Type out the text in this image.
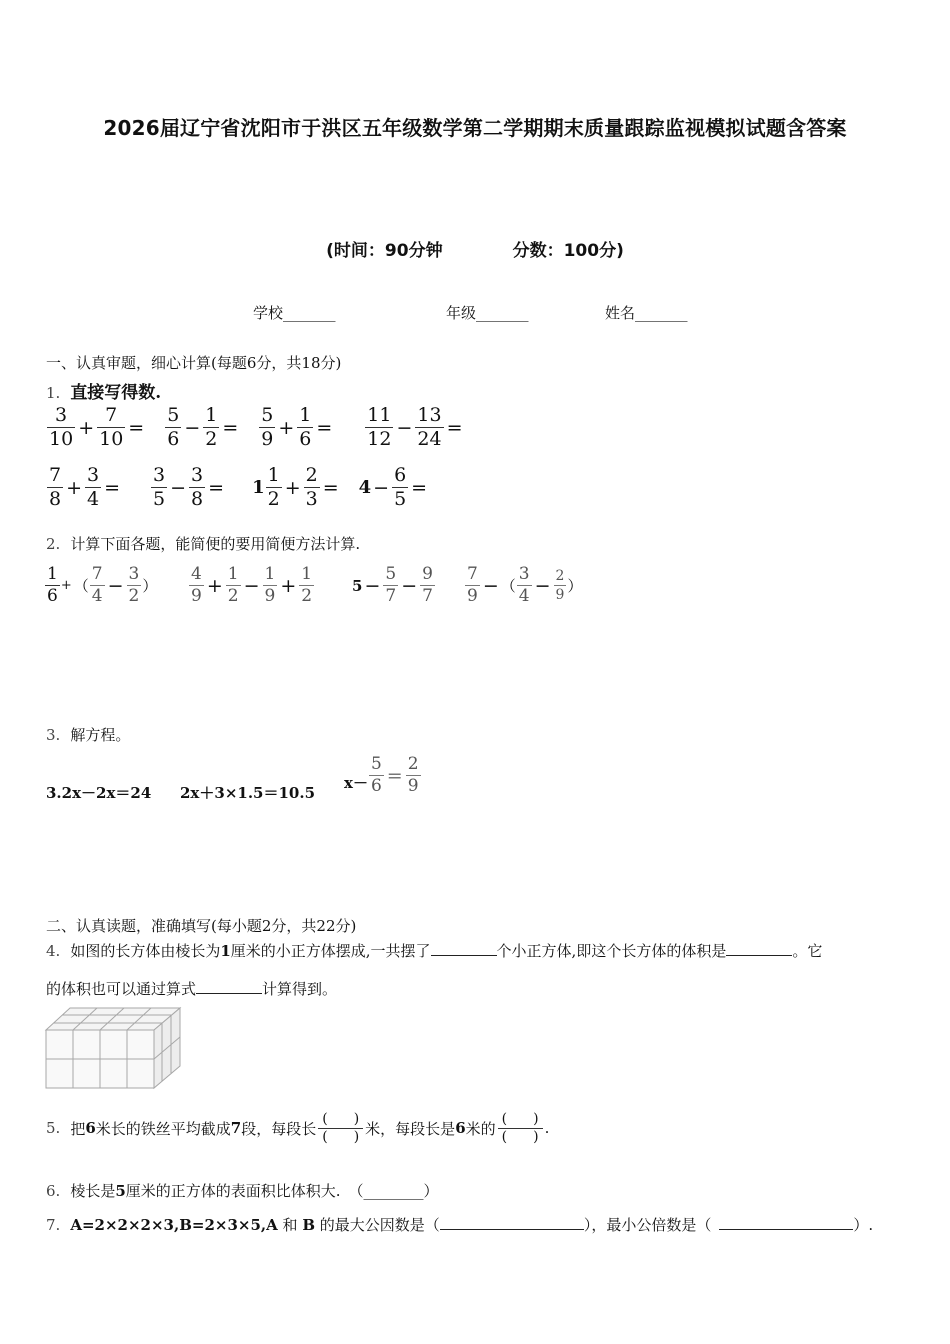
2026届辽宁省沈阳市于洪区五年级数学第二学期期末质量跟踪监视模拟试题含答案
(时间：90分钟	分数：100分)
学校_______	年级_______	姓名_______
一、认真审题，细心计算(每题6分，共18分)
1. 直接写得数.
$\frac{3}{10} + \frac{7}{10} = \frac{5}{6} - \frac{1}{2} = \frac{5}{9} + \frac{1}{6} = \frac{11}{12} - \frac{13}{24}$ =
$\frac{7}{8} + \frac{3}{4} = \frac{3}{5} - \frac{3}{8} = 1 \frac{1}{2} + \frac{2}{3} = 4 - \frac{6}{5}$ =
2. 计算下面各题，能简便的要用简便方法计算.
$\frac{1}{6}$ + （ $\frac{7}{4} - \frac{3}{2}$ ） $\frac{4}{9} + \frac{1}{2} - \frac{1}{9} + \frac{1}{2}$	$5 - \frac{5}{7} - \frac{9}{7} \frac{7}{9}$ − （ $\frac{3}{4} - \frac{2}{9}$ ）
3. 解方程。
3.2x－2x＝24 2x＋3×1.5＝10.5
$x- \frac{5}{6} = \frac{2}{9}$
二、认真读题，准确填写(每小题2分，共22分)
4. 如图的长方体由棱长为1厘米的小正方体摆成,一共摆了	个小正方体,即这个长方体的体积是	。它
的体积也可以通过算式	计算得到。
5. 把 6 米长的铁丝平均截成 7 段，每段长
( )
( ) 米，每段长是 6 米的
( )
( ) .
6. 棱长是5厘米的正方体的表面积比体积大. （________）
7. A=2×2×2×3,B=2×3×5,A 和 B 的最大公因数是（	），最小公倍数是（	）.
